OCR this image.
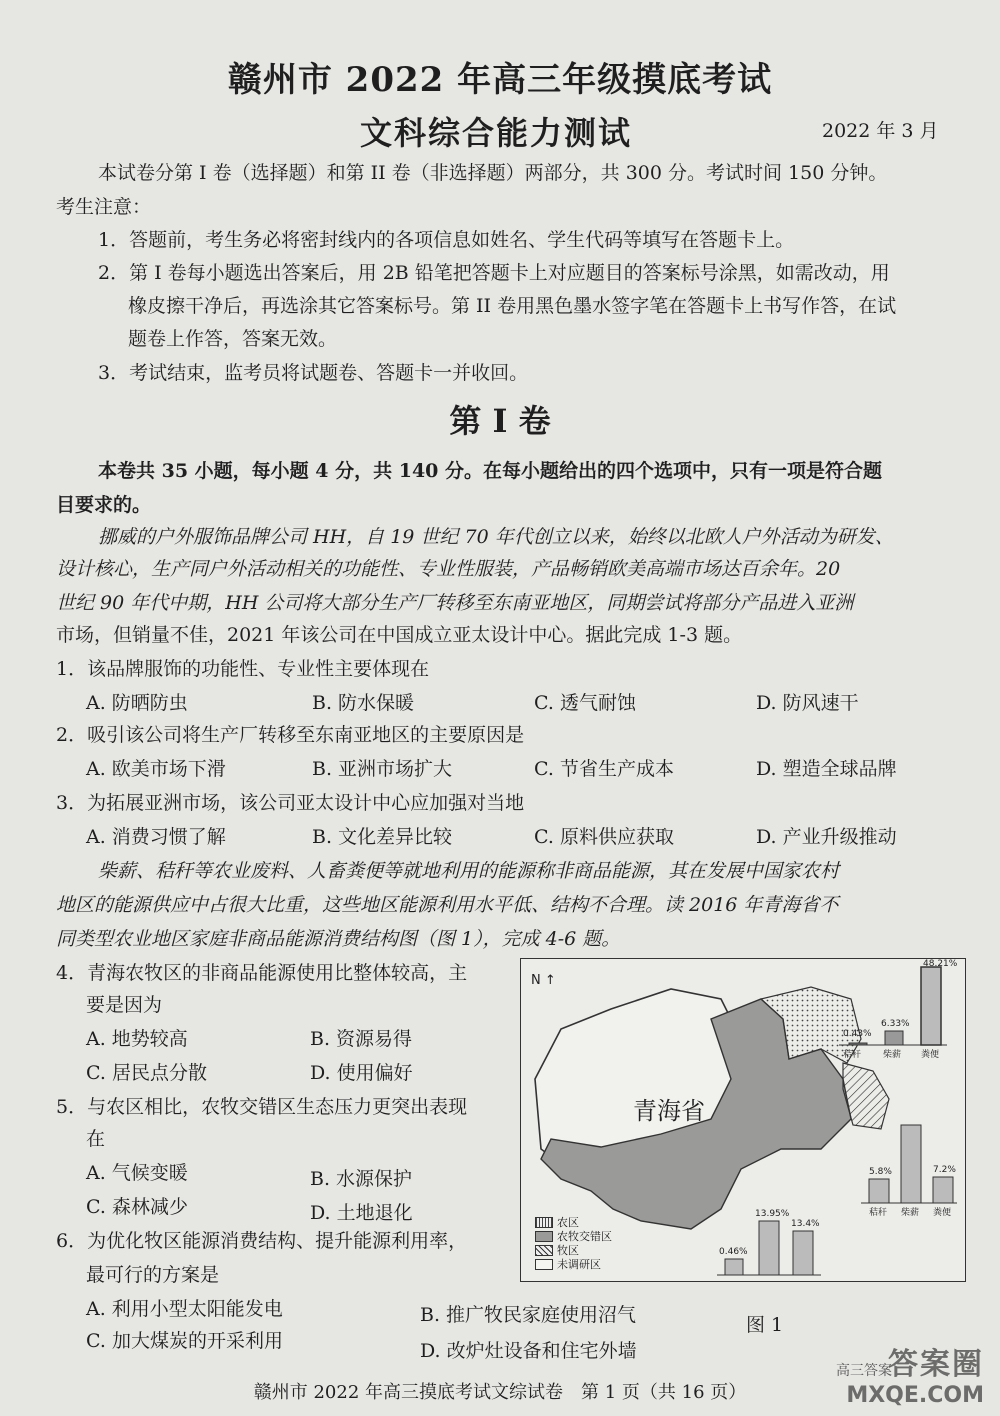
赣州市 2022 年高三年级摸底考试
文科综合能力测试	2022 年 3 月
本试卷分第 I 卷（选择题）和第 II 卷（非选择题）两部分，共 300 分。考试时间 150 分钟。
考生注意：
1．答题前，考生务必将密封线内的各项信息如姓名、学生代码等填写在答题卡上。
2．第 I 卷每小题选出答案后，用 2B 铅笔把答题卡上对应题目的答案标号涂黑，如需改动，用
橡皮擦干净后，再选涂其它答案标号。第 II 卷用黑色墨水签字笔在答题卡上书写作答，在试
题卷上作答，答案无效。
3．考试结束，监考员将试题卷、答题卡一并收回。
第 I 卷
本卷共 35 小题，每小题 4 分，共 140 分。在每小题给出的四个选项中，只有一项是符合题
目要求的。
挪威的户外服饰品牌公司 HH，自 19 世纪 70 年代创立以来，始终以北欧人户外活动为研发、
设计核心，生产同户外活动相关的功能性、专业性服装，产品畅销欧美高端市场达百余年。20
世纪 90 年代中期，HH 公司将大部分生产厂转移至东南亚地区，同期尝试将部分产品进入亚洲
市场，但销量不佳，2021 年该公司在中国成立亚太设计中心。据此完成 1-3 题。
1．该品牌服饰的功能性、专业性主要体现在
A. 防晒防虫	B. 防水保暖	C. 透气耐蚀	D. 防风速干
2．吸引该公司将生产厂转移至东南亚地区的主要原因是
A. 欧美市场下滑	B. 亚洲市场扩大	C. 节省生产成本	D. 塑造全球品牌
3．为拓展亚洲市场，该公司亚太设计中心应加强对当地
A. 消费习惯了解	B. 文化差异比较	C. 原料供应获取	D. 产业升级推动
柴薪、秸秆等农业废料、人畜粪便等就地利用的能源称非商品能源，其在发展中国家农村
地区的能源供应中占很大比重，这些地区能源利用水平低、结构不合理。读 2016 年青海省不
同类型农业地区家庭非商品能源消费结构图（图 1），完成 4-6 题。
4．青海农牧区的非商品能源使用比整体较高，主
要是因为
A. 地势较高	B. 资源易得
C. 居民点分散	D. 使用偏好
5．与农区相比，农牧交错区生态压力更突出表现
在
A. 气候变暖	B. 水源保护
C. 森林减少	D. 土地退化
6．为优化牧区能源消费结构、提升能源利用率，
最可行的方案是
A. 利用小型太阳能发电	B. 推广牧民家庭使用沼气
C. 加大煤炭的开采利用	D. 改炉灶设备和住宅外墙
N ↑
青海省
0.43%
6.33%
48.21%
秸秆 柴薪 粪便
5.8%	7.2%
秸秆 柴薪 粪便
0.46%
13.95%
13.4%
农区
农牧交错区
牧区
未调研区
图 1
赣州市 2022 年高三摸底考试文综试卷　第 1 页（共 16 页）
答案圈
MXQE.COM
高三答案
